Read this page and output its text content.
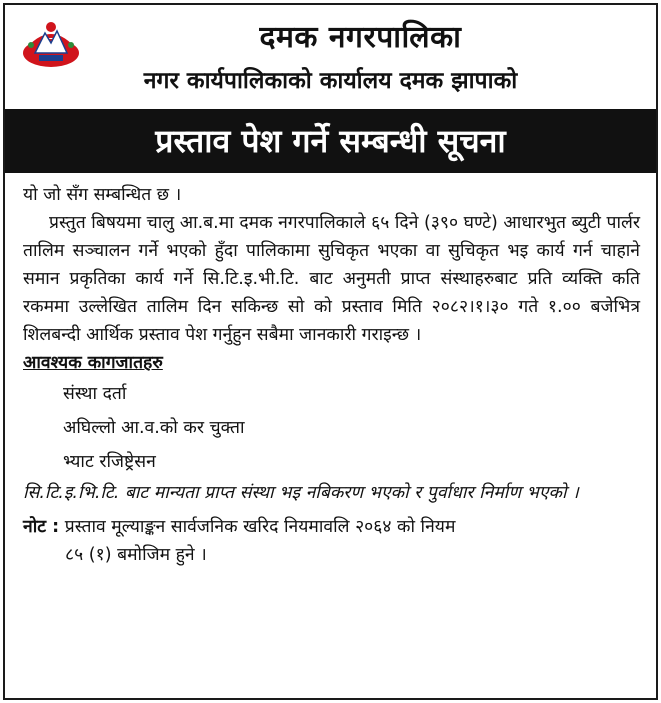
दमक नगरपालिका
नगर कार्यपालिकाको कार्यालय दमक झापाको
प्रस्ताव पेश गर्ने सम्बन्धी सूचना

यो जो सँग सम्बन्धित छ ।

प्रस्तुत बिषयमा चालु आ.ब.मा दमक नगरपालिकाले ६५ दिने (३९० घण्टे) आधारभुत ब्युटी पार्लर तालिम सञ्चालन गर्ने भएको हुँदा पालिकामा सुचिकृत भएका वा सुचिकृत भइ कार्य गर्न चाहाने समान प्रकृतिका कार्य गर्ने सि.टि.इ.भी.टि. बाट अनुमती प्राप्त संस्थाहरुबाट प्रति व्यक्ति कति रकममा उल्लेखित तालिम दिन सकिन्छ सो को प्रस्ताव मिति २०८२।१।३० गते १.०० बजेभित्र शिलबन्दी आर्थिक प्रस्ताव पेश गर्नुहुन सबैमा जानकारी गराइन्छ ।

आवश्यक कागजातहरु

संस्था दर्ता
अघिल्लो आ.व.को कर चुक्ता
भ्याट रजिष्ट्रेसन

सि.टि.इ.भि.टि. बाट मान्यता प्राप्त संस्था भइ नबिकरण भएको र पुर्वाधार निर्माण भएको ।

नोट : प्रस्ताव मूल्याङ्कन सार्वजनिक खरिद नियमावलि २०६४ को नियम
८५ (१) बमोजिम हुने ।
